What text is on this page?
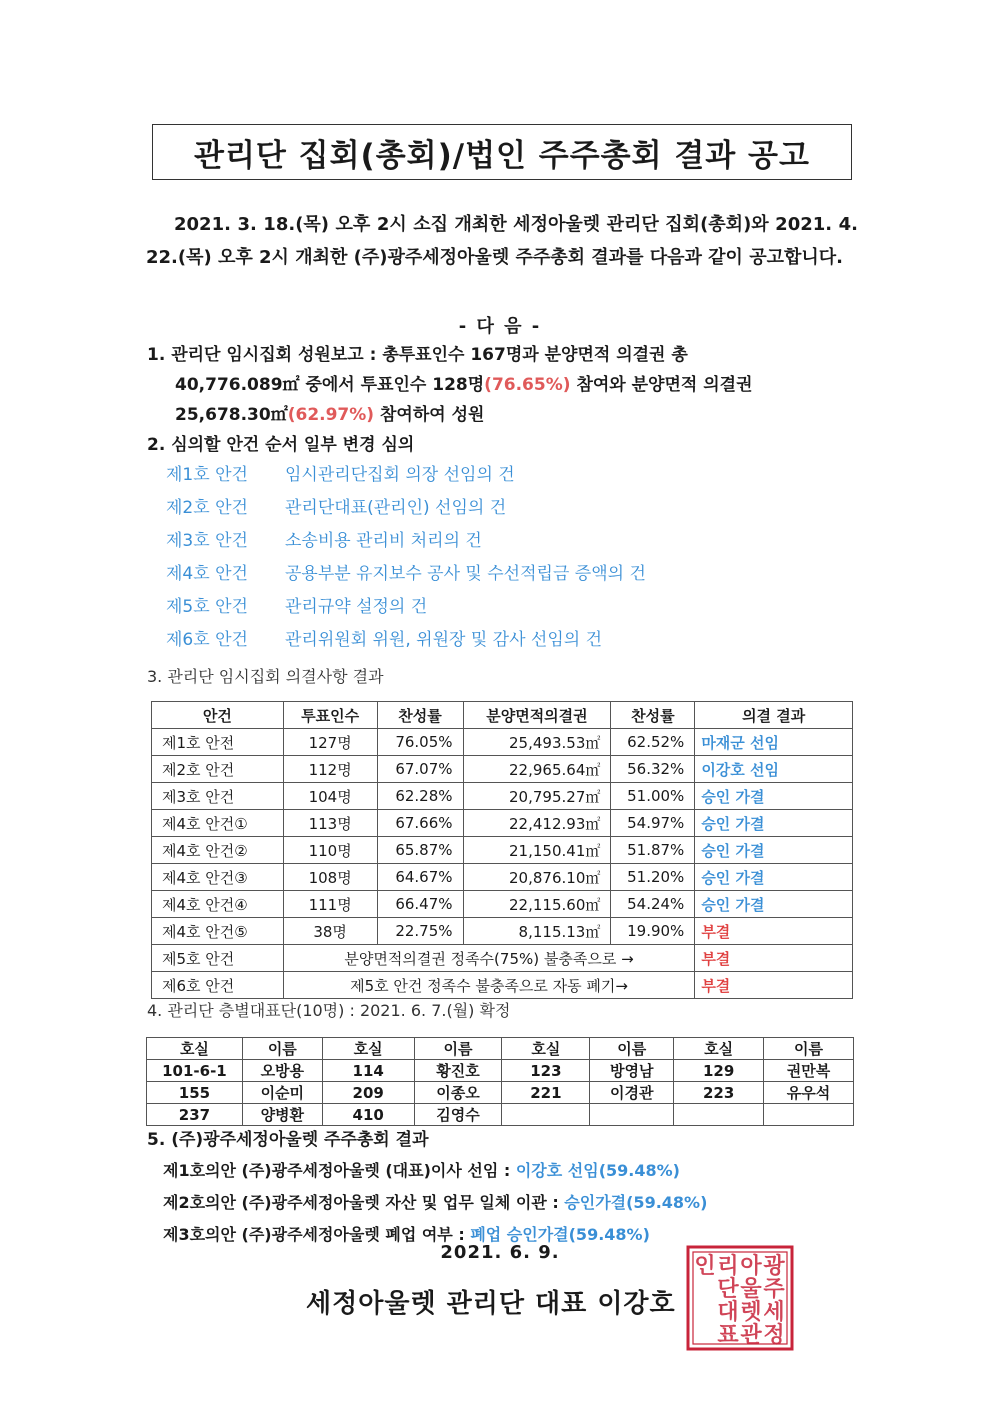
관리단 집회(총회)/법인 주주총회 결과 공고

2021. 3. 18.(목) 오후 2시 소집 개최한 세정아울렛 관리단 집회(총회)와 2021. 4. 22.(목) 오후 2시 개최한 (주)광주세정아울렛 주주총회 결과를 다음과 같이 공고합니다.

- 다 음 -
1. 관리단 임시집회 성원보고 : 총투표인수 167명과 분양면적 의결권 총
40,776.089㎡ 중에서 투표인수 128명(76.65%) 참여와 분양면적 의결권
25,678.30㎡(62.97%) 참여하여 성원
2. 심의할 안건 순서 일부 변경 심의
제1호 안건	임시관리단집회 의장 선임의 건
제2호 안건	관리단대표(관리인) 선임의 건
제3호 안건	소송비용 관리비 처리의 건
제4호 안건	공용부분 유지보수 공사 및 수선적립금 증액의 건
제5호 안건	관리규약 설정의 건
제6호 안건	관리위원회 위원, 위원장 및 감사 선임의 건
3. 관리단 임시집회 의결사항 결과
안건	투표인수	찬성률	분양면적의결권	찬성률	의결 결과
제1호 안전	127명	76.05%	25,493.53㎡	62.52%	마재군 선임
제2호 안건	112명	67.07%	22,965.64㎡	56.32%	이강호 선임
제3호 안건	104명	62.28%	20,795.27㎡	51.00%	승인 가결
제4호 안건①	113명	67.66%	22,412.93㎡	54.97%	승인 가결
제4호 안건②	110명	65.87%	21,150.41㎡	51.87%	승인 가결
제4호 안건③	108명	64.67%	20,876.10㎡	51.20%	승인 가결
제4호 안건④	111명	66.47%	22,115.60㎡	54.24%	승인 가결
제4호 안건⑤	38명	22.75%	8,115.13㎡	19.90%	부결
제5호 안건	분양면적의결권 정족수(75%) 불충족으로 →				부결
제6호 안건	제5호 안건 정족수 불충족으로 자동 폐기→				부결
4. 관리단 층별대표단(10명) : 2021. 6. 7.(월) 확정
호실	이름	호실	이름	호실	이름	호실	이름
101-6-1	오방용	114	황진호	123	방영남	129	권만복
155	이순미	209	이종오	221	이경관	223	유우석
237	양병환	410	김영수				
5. (주)광주세정아울렛 주주총회 결과
제1호의안 (주)광주세정아울렛 (대표)이사 선임 : 이강호 선임(59.48%)
제2호의안 (주)광주세정아울렛 자산 및 업무 일체 이관 : 승인가결(59.48%)
제3호의안 (주)광주세정아울렛 폐업 여부 : 폐업 승인가결(59.48%)
2021. 6. 9.
세정아울렛 관리단 대표 이강호
광
주
세
정
아
울
렛
관
리
단
대
표
인
